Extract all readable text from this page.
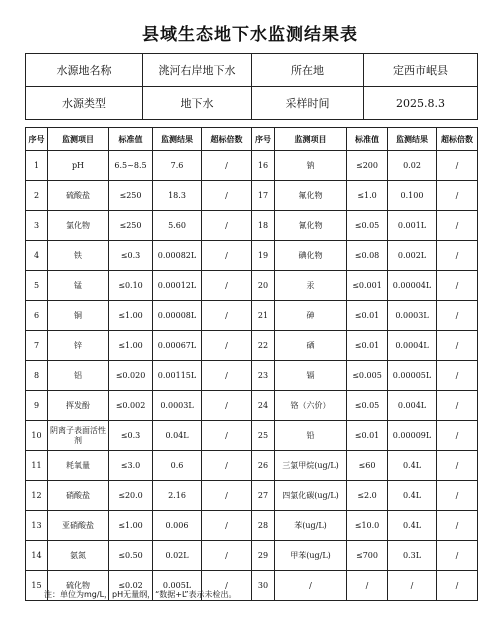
县域生态地下水监测结果表
水源地名称	洮河右岸地下水	所在地	定西市岷县
水源类型	地下水	采样时间	2025.8.3
序号	监测项目	标准值	监测结果	超标倍数	序号	监测项目	标准值	监测结果	超标倍数
1	pH	6.5~8.5	7.6	/	16	钠	≤200	0.02	/
2	硫酸盐	≤250	18.3	/	17	氟化物	≤1.0	0.100	/
3	氯化物	≤250	5.60	/	18	氰化物	≤0.05	0.001L	/
4	铁	≤0.3	0.00082L	/	19	碘化物	≤0.08	0.002L	/
5	锰	≤0.10	0.00012L	/	20	汞	≤0.001	0.00004L	/
6	铜	≤1.00	0.00008L	/	21	砷	≤0.01	0.0003L	/
7	锌	≤1.00	0.00067L	/	22	硒	≤0.01	0.0004L	/
8	铝	≤0.020	0.00115L	/	23	镉	≤0.005	0.00005L	/
9	挥发酚	≤0.002	0.0003L	/	24	铬（六价）	≤0.05	0.004L	/
10	阴离子表面活性剂	≤0.3	0.04L	/	25	铅	≤0.01	0.00009L	/
11	耗氧量	≤3.0	0.6	/	26	三氯甲烷(ug/L)	≤60	0.4L	/
12	硝酸盐	≤20.0	2.16	/	27	四氯化碳(ug/L)	≤2.0	0.4L	/
13	亚硝酸盐	≤1.00	0.006	/	28	苯(ug/L)	≤10.0	0.4L	/
14	氨氮	≤0.50	0.02L	/	29	甲苯(ug/L)	≤700	0.3L	/
15	硫化物	≤0.02	0.005L	/	30	/	/	/	/
注：单位为mg/L，pH无量纲，“数据+L”表示未检出。
